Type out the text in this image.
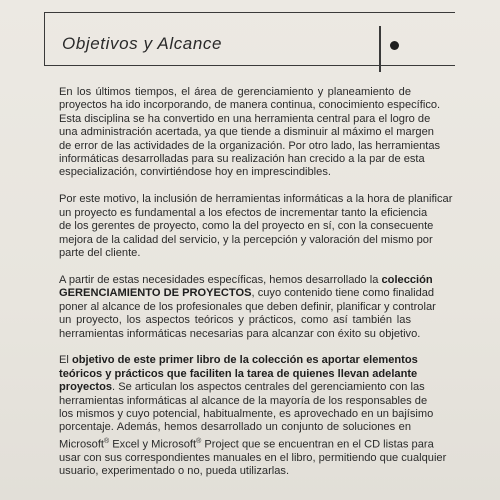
Objetivos y Alcance

En los últimos tiempos, el área de gerenciamiento y planeamiento de
proyectos ha ido incorporando, de manera continua, conocimiento específico.
Esta disciplina se ha convertido en una herramienta central para el logro de
una administración acertada, ya que tiende a disminuir al máximo el margen
de error de las actividades de la organización. Por otro lado, las herramientas
informáticas desarrolladas para su realización han crecido a la par de esta
especialización, convirtiéndose hoy en imprescindibles.

Por este motivo, la inclusión de herramientas informáticas a la hora de planificar
un proyecto es fundamental a los efectos de incrementar tanto la eficiencia
de los gerentes de proyecto, como la del proyecto en sí, con la consecuente
mejora de la calidad del servicio, y la percepción y valoración del mismo por
parte del cliente.

A partir de estas necesidades específicas, hemos desarrollado la colección
GERENCIAMIENTO DE PROYECTOS, cuyo contenido tiene como finalidad
poner al alcance de los profesionales que deben definir, planificar y controlar
un proyecto, los aspectos teóricos y prácticos, como así también las
herramientas informáticas necesarias para alcanzar con éxito su objetivo.

El objetivo de este primer libro de la colección es aportar elementos
teóricos y prácticos que faciliten la tarea de quienes llevan adelante
proyectos. Se articulan los aspectos centrales del gerenciamiento con las
herramientas informáticas al alcance de la mayoría de los responsables de
los mismos y cuyo potencial, habitualmente, es aprovechado en un bajísimo
porcentaje. Además, hemos desarrollado un conjunto de soluciones en
Microsoft® Excel y Microsoft® Project que se encuentran en el CD listas para
usar con sus correspondientes manuales en el libro, permitiendo que cualquier
usuario, experimentado o no, pueda utilizarlas.
